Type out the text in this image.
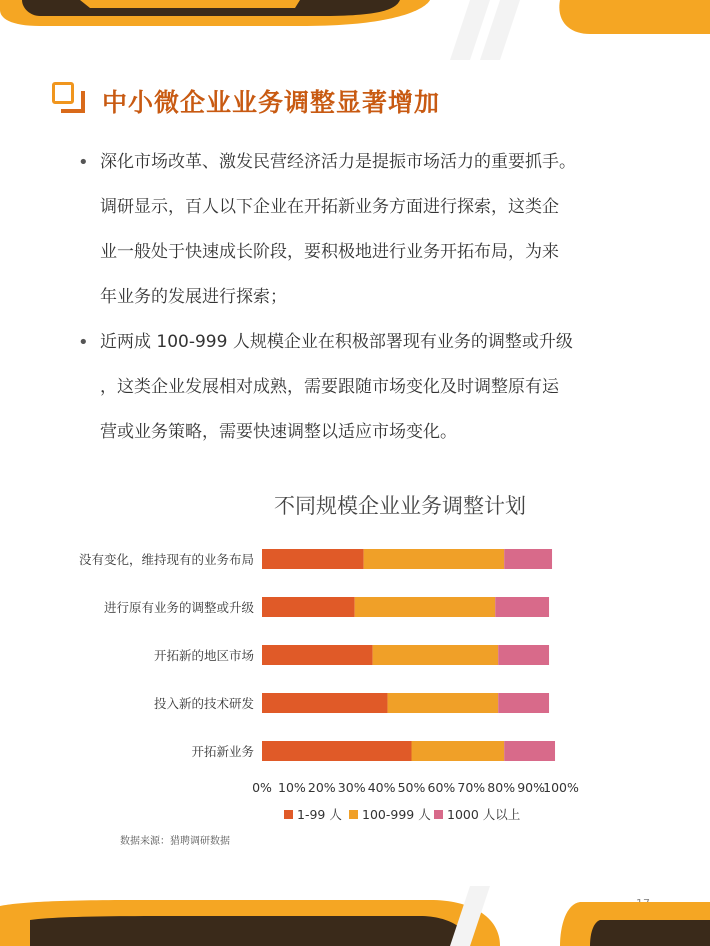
中小微企业业务调整显著增加
• 深化市场改革、激发民营经济活力是提振市场活力的重要抓手。
调研显示，百人以下企业在开拓新业务方面进行探索，这类企
业一般处于快速成长阶段，要积极地进行业务开拓布局，为来
年业务的发展进行探索；
• 近两成 100-999 人规模企业在积极部署现有业务的调整或升级
，这类企业发展相对成熟，需要跟随市场变化及时调整原有运
营或业务策略，需要快速调整以适应市场变化。
不同规模企业业务调整计划
没有变化，维持现有的业务布局
进行原有业务的调整或升级
开拓新的地区市场
投入新的技术研发
开拓新业务
0% 10% 20% 30% 40% 50% 60% 70% 80% 90%
100%
1-99 人 100-999 人 1000 人以上
数据来源：猎聘调研数据
